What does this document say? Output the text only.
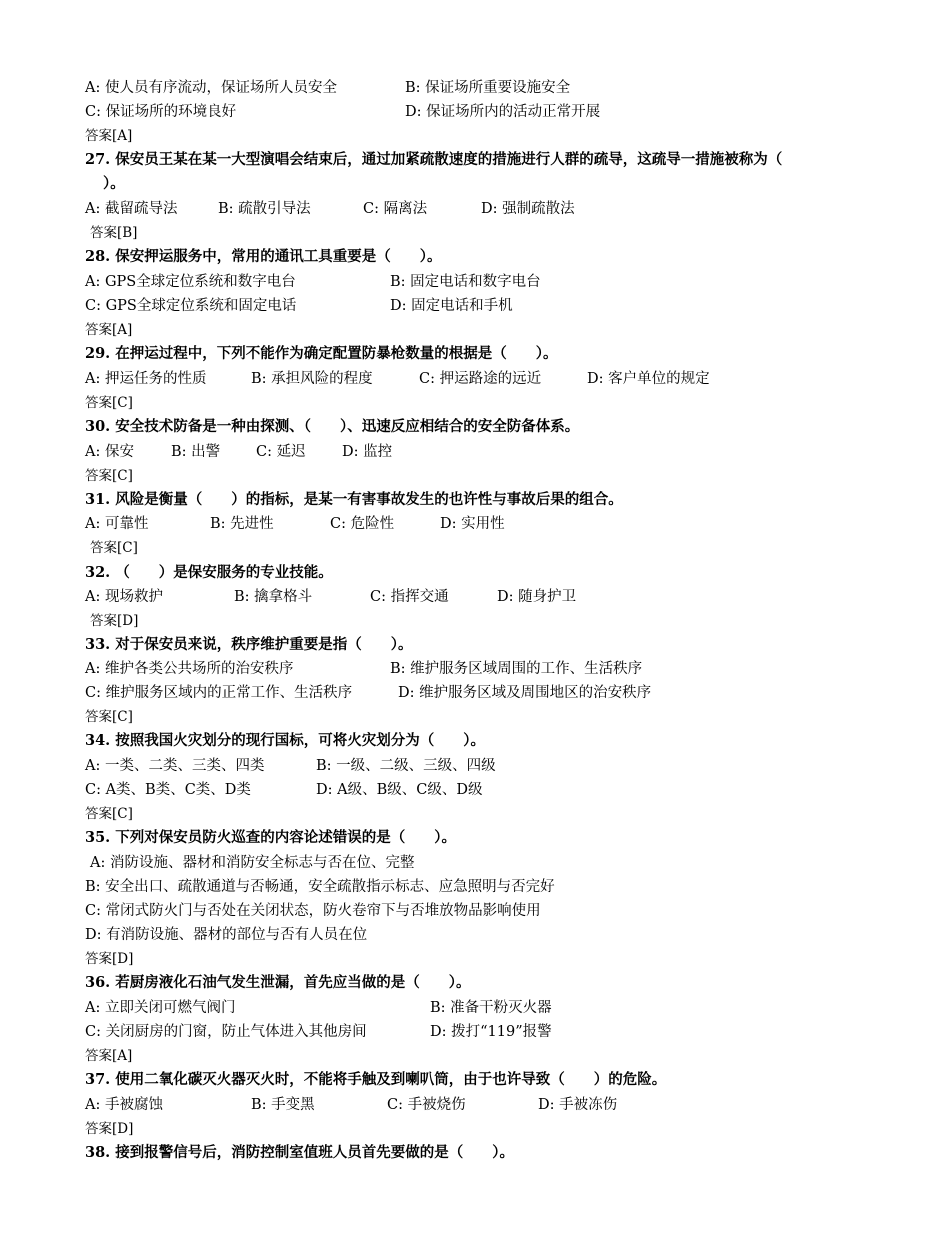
A: 使人员有序流动，保证场所人员安全

	B: 保证场所重要设施安全

C: 保证场所的环境良好

	D: 保证场所内的活动正常开展

答案[A]
27. 保安员王某在某一大型演唱会结束后，通过加紧疏散速度的措施进行人群的疏导，这疏导一措施被称为（
）。

A: 截留疏导法

	B: 疏散引导法

	C: 隔离法

	D: 强制疏散法

答案[B]
28. 保安押运服务中，常用的通讯工具重要是（　　）。

A: GPS全球定位系统和数字电台

	B: 固定电话和数字电台

C: GPS全球定位系统和固定电话

	D: 固定电话和手机

答案[A]
29. 在押运过程中，下列不能作为确定配置防暴枪数量的根据是（　　）。

A: 押运任务的性质

	B: 承担风险的程度

	C: 押运路途的远近

	D: 客户单位的规定

答案[C]
30. 安全技术防备是一种由探测、（　　）、迅速反应相结合的安全防备体系。

A: 保安

	B: 出警

C: 延迟

	D: 监控

答案[C]
31. 风险是衡量（　　）的指标，是某一有害事故发生的也许性与事故后果的组合。

A: 可靠性

	B: 先进性

	C: 危险性

	D: 实用性

答案[C]
32. （　　）是保安服务的专业技能。

A: 现场救护

	B: 擒拿格斗

	C: 指挥交通

	D: 随身护卫

答案[D]
33. 对于保安员来说，秩序维护重要是指（　　）。

A: 维护各类公共场所的治安秩序

	B: 维护服务区域周围的工作、生活秩序

C: 维护服务区域内的正常工作、生活秩序

	D: 维护服务区域及周围地区的治安秩序

答案[C]
34. 按照我国火灾划分的现行国标，可将火灾划分为（　　）。

A: 一类、二类、三类、四类

	B: 一级、二级、三级、四级

C: A类、B类、C类、D类

	D: A级、B级、C级、D级

答案[C]
35. 下列对保安员防火巡查的内容论述错误的是（　　）。
A: 消防设施、器材和消防安全标志与否在位、完整
B: 安全出口、疏散通道与否畅通，安全疏散指示标志、应急照明与否完好
C: 常闭式防火门与否处在关闭状态，防火卷帘下与否堆放物品影响使用
D: 有消防设施、器材的部位与否有人员在位
答案[D]
36. 若厨房液化石油气发生泄漏，首先应当做的是（　　）。

A: 立即关闭可燃气阀门

	B: 准备干粉灭火器

C: 关闭厨房的门窗，防止气体进入其他房间

	D: 拨打“119”报警

答案[A]
37. 使用二氧化碳灭火器灭火时，不能将手触及到喇叭筒，由于也许导致（　　）的危险。

A: 手被腐蚀

	B: 手变黑

	C: 手被烧伤

	D: 手被冻伤

答案[D]
38. 接到报警信号后，消防控制室值班人员首先要做的是（　　）。
